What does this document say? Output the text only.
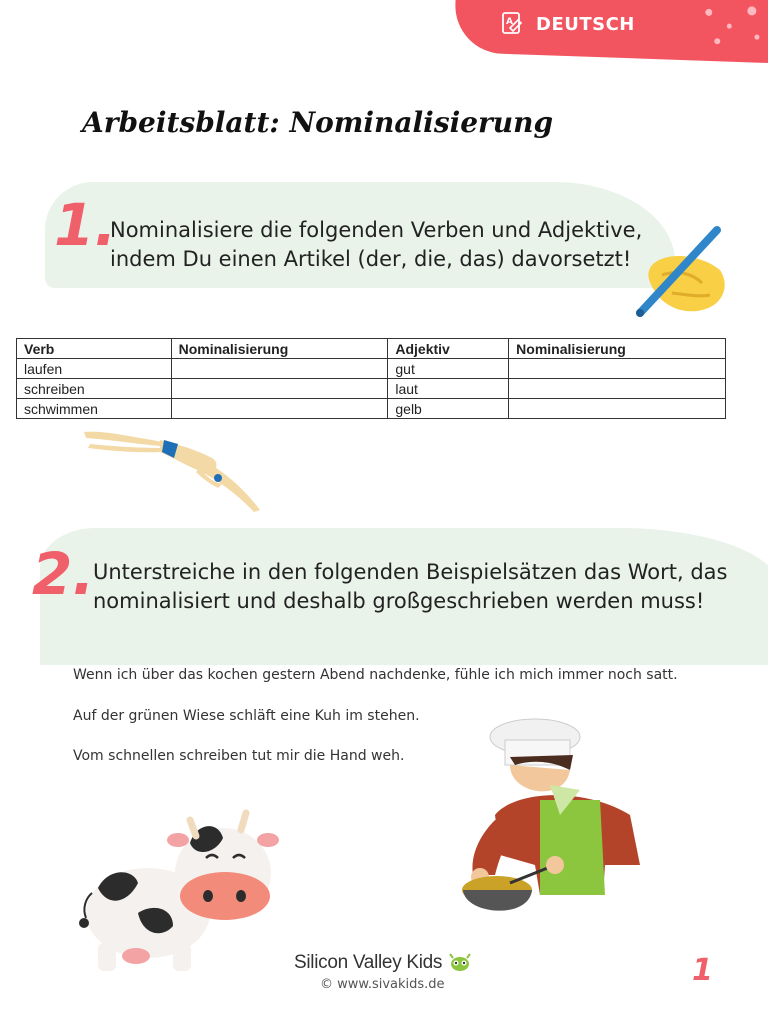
A DEUTSCH
Arbeitsblatt: Nominalisierung
1.

Nominalisiere die folgenden Verben und Adjektive,
indem Du einen Artikel (der, die, das) davorsetzt!

Verb	Nominalisierung	Adjektiv	Nominalisierung
laufen		gut	
schreiben		laut	
schwimmen		gelb	
2.

Unterstreiche in den folgenden Beispielsätzen das Wort, das
nominalisiert und deshalb großgeschrieben werden muss!

Wenn ich über das kochen gestern Abend nachdenke, fühle ich mich immer noch satt.

Auf der grünen Wiese schläft eine Kuh im stehen.

Vom schnellen schreiben tut mir die Hand weh.

Silicon Valley Kids
© www.sivakids.de	1
